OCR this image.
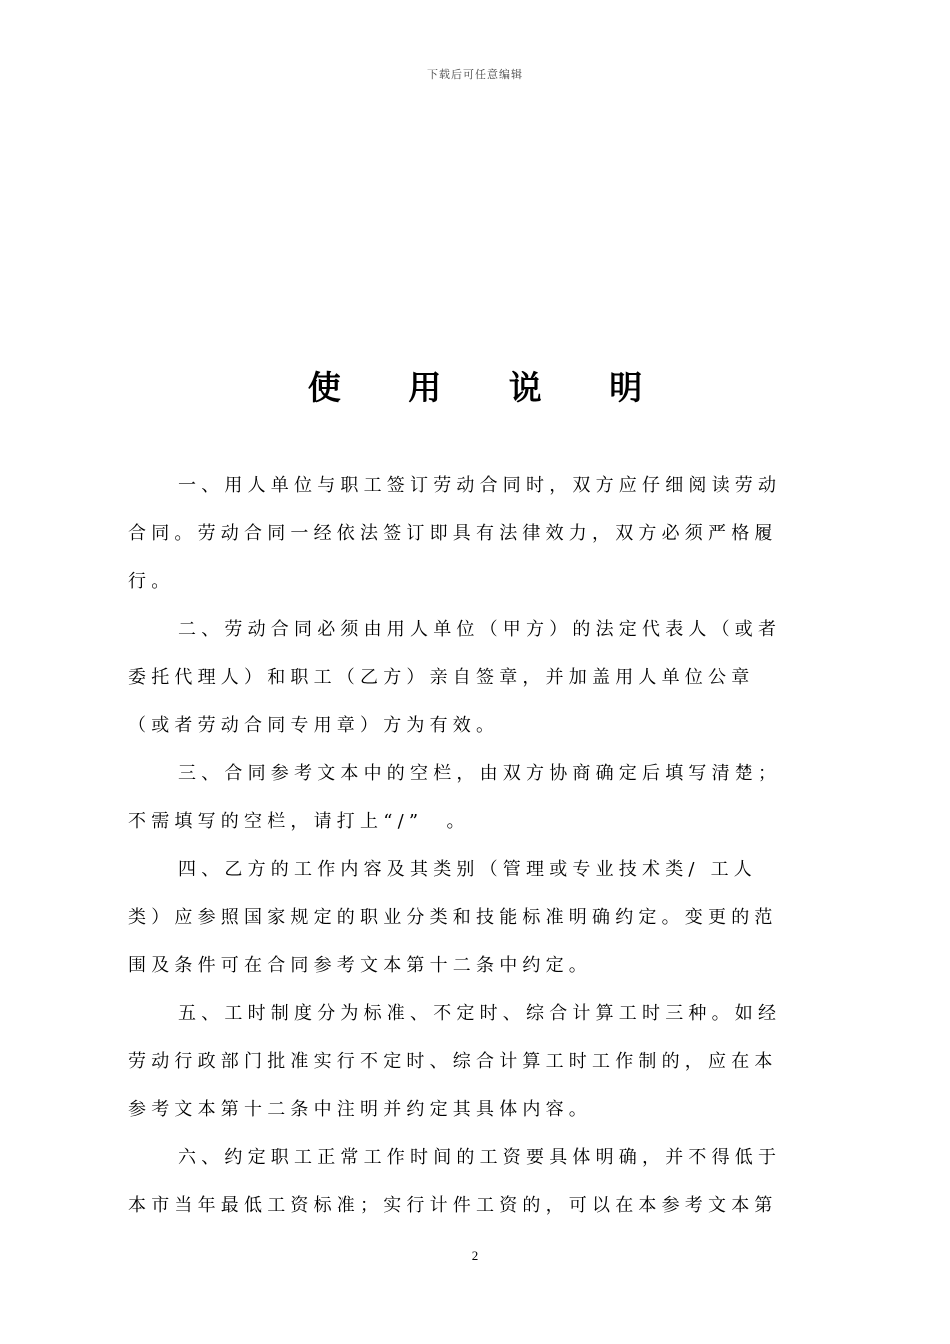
下载后可任意编辑
使 用 说 明
一、用人单位与职工签订劳动合同时，双方应仔细阅读劳动
合同。劳动合同一经依法签订即具有法律效力，双方必须严格履
行。
二、劳动合同必须由用人单位（甲方）的法定代表人（或者
委托代理人）和职工（乙方）亲自签章，并加盖用人单位公章
（或者劳动合同专用章）方为有效。
三、合同参考文本中的空栏，由双方协商确定后填写清楚；
不需填写的空栏，请打上“/”　。
四、乙方的工作内容及其类别（管理或专业技术类/ 工人
类）应参照国家规定的职业分类和技能标准明确约定。变更的范
围及条件可在合同参考文本第十二条中约定。
五、工时制度分为标准、不定时、综合计算工时三种。如经
劳动行政部门批准实行不定时、综合计算工时工作制的，应在本
参考文本第十二条中注明并约定其具体内容。
六、约定职工正常工作时间的工资要具体明确，并不得低于
本市当年最低工资标准；实行计件工资的，可以在本参考文本第
2
